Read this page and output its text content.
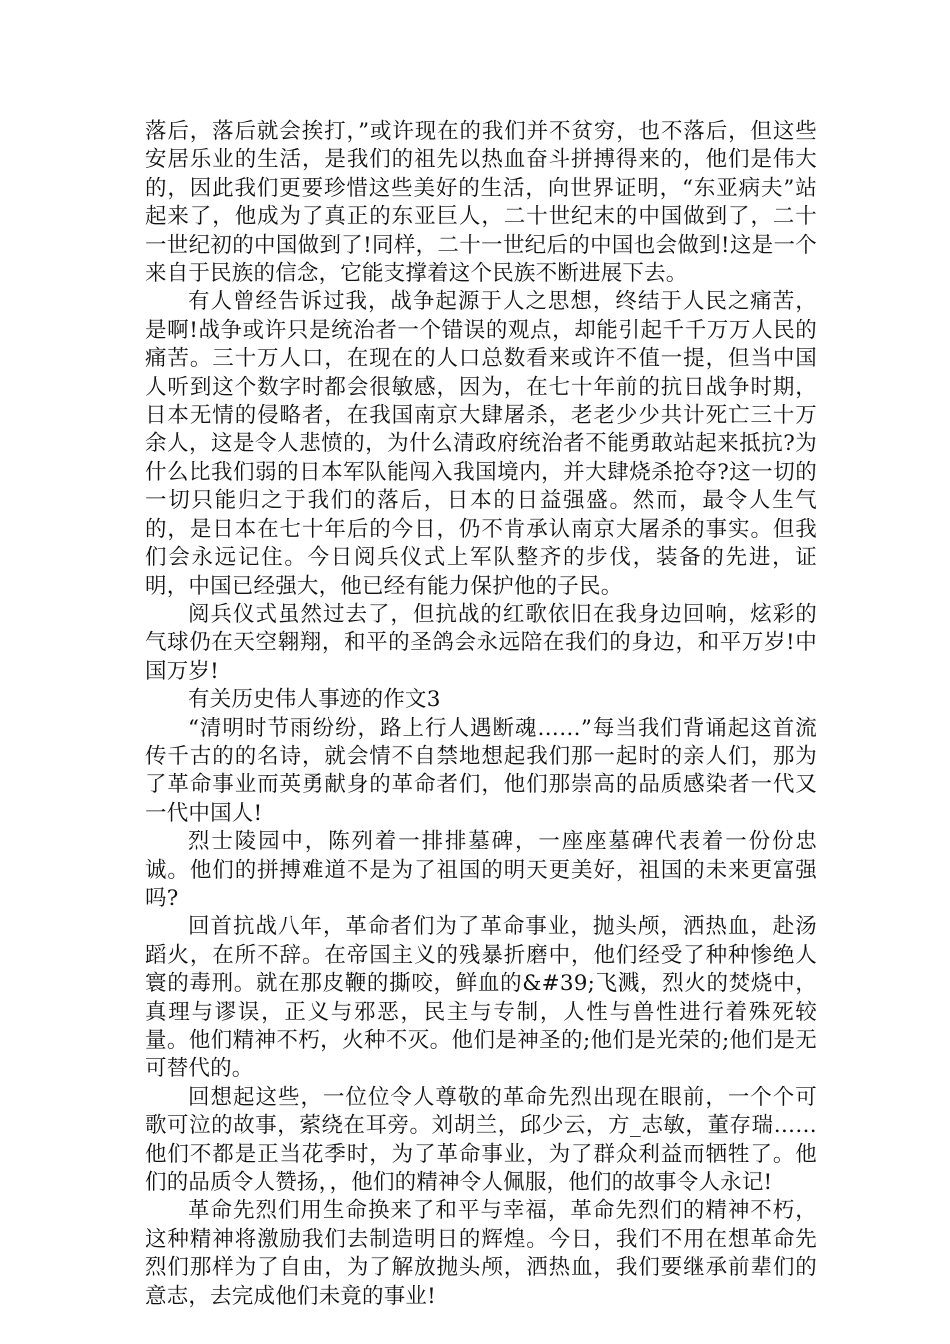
落后，落后就会挨打，”或许现在的我们并不贫穷，也不落后，但这些安居乐业的生活，是我们的祖先以热血奋斗拼搏得来的，他们是伟大的，因此我们更要珍惜这些美好的生活，向世界证明，“东亚病夫”站起来了，他成为了真正的东亚巨人，二十世纪末的中国做到了，二十一世纪初的中国做到了!同样，二十一世纪后的中国也会做到!这是一个来自于民族的信念，它能支撑着这个民族不断进展下去。

有人曾经告诉过我，战争起源于人之思想，终结于人民之痛苦，是啊!战争或许只是统治者一个错误的观点，却能引起千千万万人民的痛苦。三十万人口，在现在的人口总数看来或许不值一提，但当中国人听到这个数字时都会很敏感，因为，在七十年前的抗日战争时期，日本无情的侵略者，在我国南京大肆屠杀，老老少少共计死亡三十万余人，这是令人悲愤的，为什么清政府统治者不能勇敢站起来抵抗?为什么比我们弱的日本军队能闯入我国境内，并大肆烧杀抢夺?这一切的一切只能归之于我们的落后，日本的日益强盛。然而，最令人生气的，是日本在七十年后的今日，仍不肯承认南京大屠杀的事实。但我们会永远记住。今日阅兵仪式上军队整齐的步伐，装备的先进，证明，中国已经强大，他已经有能力保护他的子民。

阅兵仪式虽然过去了，但抗战的红歌依旧在我身边回响，炫彩的气球仍在天空翱翔，和平的圣鸽会永远陪在我们的身边，和平万岁!中国万岁!

有关历史伟人事迹的作文3

“清明时节雨纷纷，路上行人遇断魂……”每当我们背诵起这首流传千古的的名诗，就会情不自禁地想起我们那一起时的亲人们，那为了革命事业而英勇献身的革命者们，他们那崇高的品质感染者一代又一代中国人!

烈士陵园中，陈列着一排排墓碑，一座座墓碑代表着一份份忠诚。他们的拼搏难道不是为了祖国的明天更美好，祖国的未来更富强吗?

回首抗战八年，革命者们为了革命事业，抛头颅，洒热血，赴汤蹈火，在所不辞。在帝国主义的残暴折磨中，他们经受了种种惨绝人寰的毒刑。就在那皮鞭的撕咬，鲜血的&#39;飞溅，烈火的焚烧中，真理与谬误，正义与邪恶，民主与专制，人性与兽性进行着殊死较量。他们精神不朽，火种不灭。他们是神圣的;他们是光荣的;他们是无可替代的。

回想起这些，一位位令人尊敬的革命先烈出现在眼前，一个个可歌可泣的故事，萦绕在耳旁。刘胡兰，邱少云，方_志敏，董存瑞……他们不都是正当花季时，为了革命事业，为了群众利益而牺牲了。他们的品质令人赞扬，，他们的精神令人佩服，他们的故事令人永记!

革命先烈们用生命换来了和平与幸福，革命先烈们的精神不朽，这种精神将激励我们去制造明日的辉煌。今日，我们不用在想革命先烈们那样为了自由，为了解放抛头颅，洒热血，我们要继承前辈们的意志，去完成他们未竟的事业!
